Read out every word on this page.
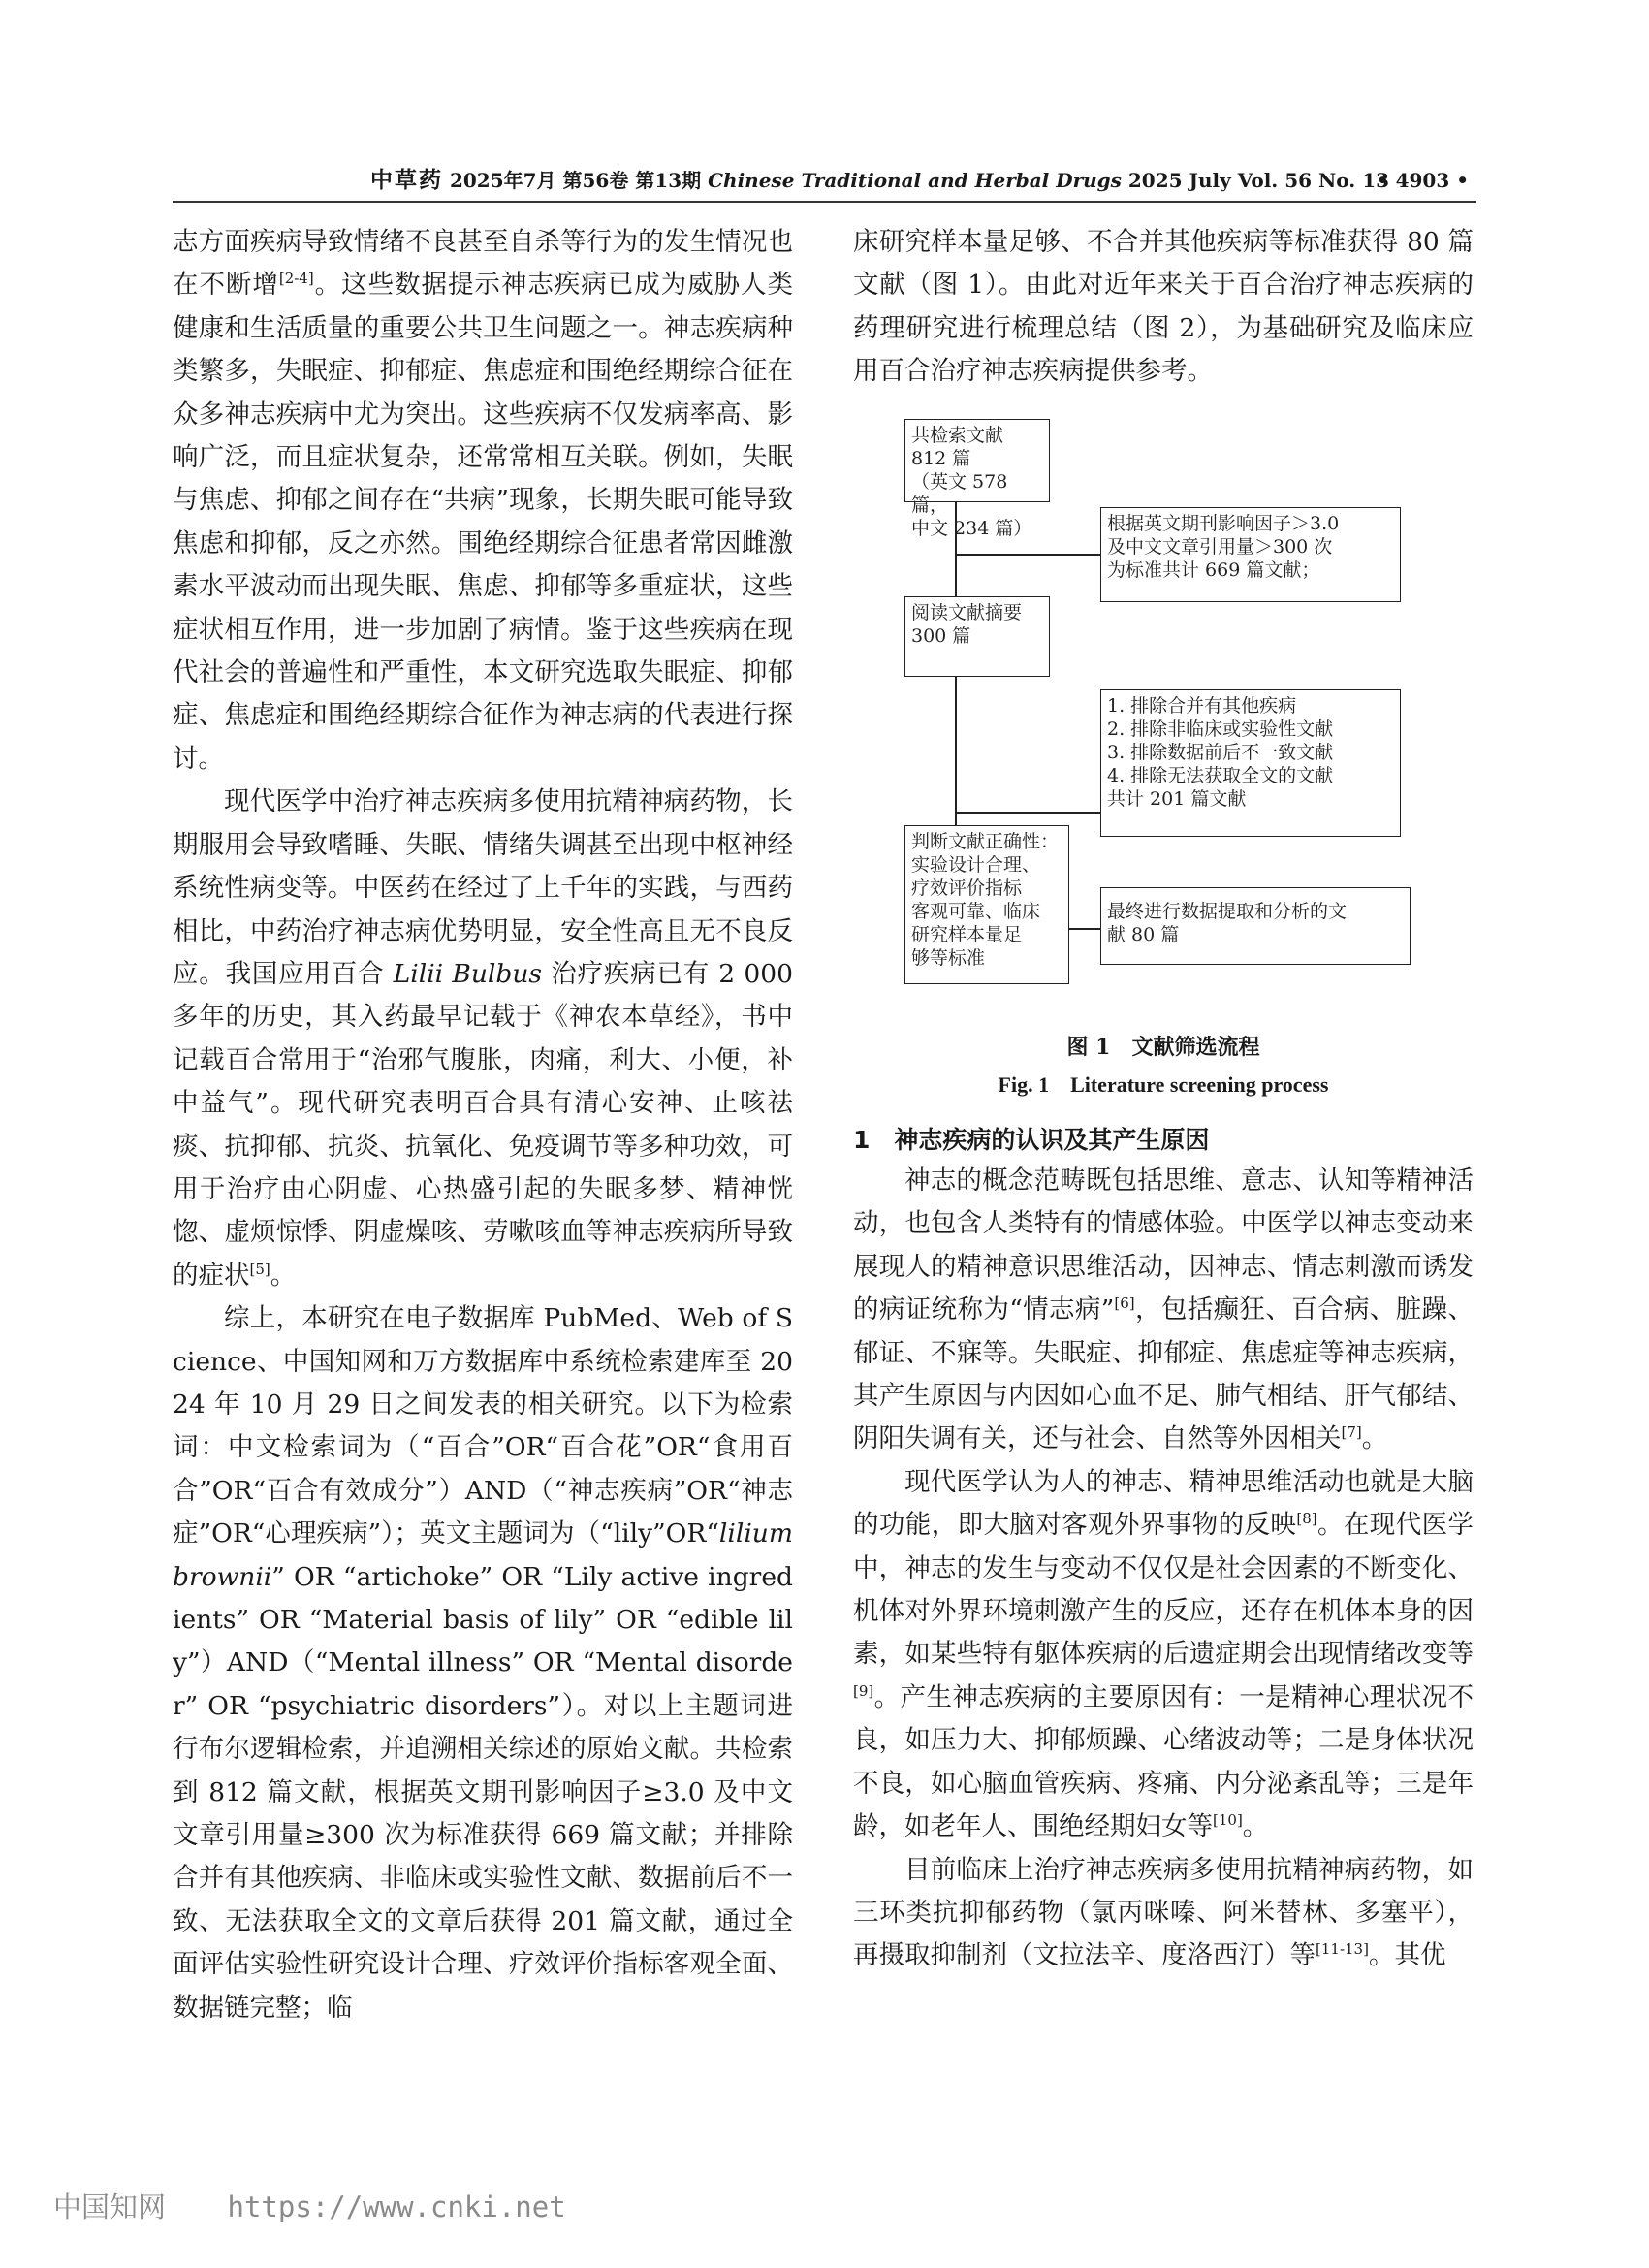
中草药 2025年7月 第56卷 第13期 Chinese Traditional and Herbal Drugs 2025 July Vol. 56 No. 13
• 4903 •

志方面疾病导致情绪不良甚至自杀等行为的发生情况也在不断增[2-4]。这些数据提示神志疾病已成为威胁人类健康和生活质量的重要公共卫生问题之一。神志疾病种类繁多，失眠症、抑郁症、焦虑症和围绝经期综合征在众多神志疾病中尤为突出。这些疾病不仅发病率高、影响广泛，而且症状复杂，还常常相互关联。例如，失眠与焦虑、抑郁之间存在“共病”现象，长期失眠可能导致焦虑和抑郁，反之亦然。围绝经期综合征患者常因雌激素水平波动而出现失眠、焦虑、抑郁等多重症状，这些症状相互作用，进一步加剧了病情。鉴于这些疾病在现代社会的普遍性和严重性，本文研究选取失眠症、抑郁症、焦虑症和围绝经期综合征作为神志病的代表进行探讨。

现代医学中治疗神志疾病多使用抗精神病药物，长期服用会导致嗜睡、失眠、情绪失调甚至出现中枢神经系统性病变等。中医药在经过了上千年的实践，与西药相比，中药治疗神志病优势明显，安全性高且无不良反应。我国应用百合 Lilii Bulbus 治疗疾病已有 2 000 多年的历史，其入药最早记载于《神农本草经》，书中记载百合常用于“治邪气腹胀，肉痛，利大、小便，补中益气”。现代研究表明百合具有清心安神、止咳祛痰、抗抑郁、抗炎、抗氧化、免疫调节等多种功效，可用于治疗由心阴虚、心热盛引起的失眠多梦、精神恍惚、虚烦惊悸、阴虚燥咳、劳嗽咳血等神志疾病所导致的症状[5]。

综上，本研究在电子数据库 PubMed、Web of Science、中国知网和万方数据库中系统检索建库至 2024 年 10 月 29 日之间发表的相关研究。以下为检索词：中文检索词为（“百合”OR“百合花”OR“食用百合”OR“百合有效成分”）AND（“神志疾病”OR“神志症”OR“心理疾病”）；英文主题词为（“lily”OR“lilium brownii” OR “artichoke” OR “Lily active ingredients” OR “Material basis of lily” OR “edible lily”）AND（“Mental illness” OR “Mental disorder” OR “psychiatric disorders”）。对以上主题词进行布尔逻辑检索，并追溯相关综述的原始文献。共检索到 812 篇文献，根据英文期刊影响因子≥3.0 及中文文章引用量≥300 次为标准获得 669 篇文献；并排除合并有其他疾病、非临床或实验性文献、数据前后不一致、无法获取全文的文章后获得 201 篇文献，通过全面评估实验性研究设计合理、疗效评价指标客观全面、数据链完整；临

床研究样本量足够、不合并其他疾病等标准获得 80 篇文献（图 1）。由此对近年来关于百合治疗神志疾病的药理研究进行梳理总结（图 2），为基础研究及临床应用百合治疗神志疾病提供参考。

共检索文献 812 篇
（英文 578 篇，
中文 234 篇）	根据英文期刊影响因子＞3.0
及中文文章引用量＞300 次
为标准共计 669 篇文献；
阅读文献摘要
300 篇
1. 排除合并有其他疾病
2. 排除非临床或实验性文献
3. 排除数据前后不一致文献
4. 排除无法获取全文的文献
共计 201 篇文献
判断文献正确性：
实验设计合理、
疗效评价指标
客观可靠、临床
研究样本量足
够等标准
最终进行数据提取和分析的文
献 80 篇
图 1　文献筛选流程
Fig. 1　Literature screening process
1　神志疾病的认识及其产生原因

神志的概念范畴既包括思维、意志、认知等精神活动，也包含人类特有的情感体验。中医学以神志变动来展现人的精神意识思维活动，因神志、情志刺激而诱发的病证统称为“情志病”[6]，包括癫狂、百合病、脏躁、郁证、不寐等。失眠症、抑郁症、焦虑症等神志疾病，其产生原因与内因如心血不足、肺气相结、肝气郁结、阴阳失调有关，还与社会、自然等外因相关[7]。

现代医学认为人的神志、精神思维活动也就是大脑的功能，即大脑对客观外界事物的反映[8]。在现代医学中，神志的发生与变动不仅仅是社会因素的不断变化、机体对外界环境刺激产生的反应，还存在机体本身的因素，如某些特有躯体疾病的后遗症期会出现情绪改变等[9]。产生神志疾病的主要原因有：一是精神心理状况不良，如压力大、抑郁烦躁、心绪波动等；二是身体状况不良，如心脑血管疾病、疼痛、内分泌紊乱等；三是年龄，如老年人、围绝经期妇女等[10]。

目前临床上治疗神志疾病多使用抗精神病药物，如三环类抗抑郁药物（氯丙咪嗪、阿米替林、多塞平），再摄取抑制剂（文拉法辛、度洛西汀）等[11-13]。其优

中国知网 https://www.cnki.net
